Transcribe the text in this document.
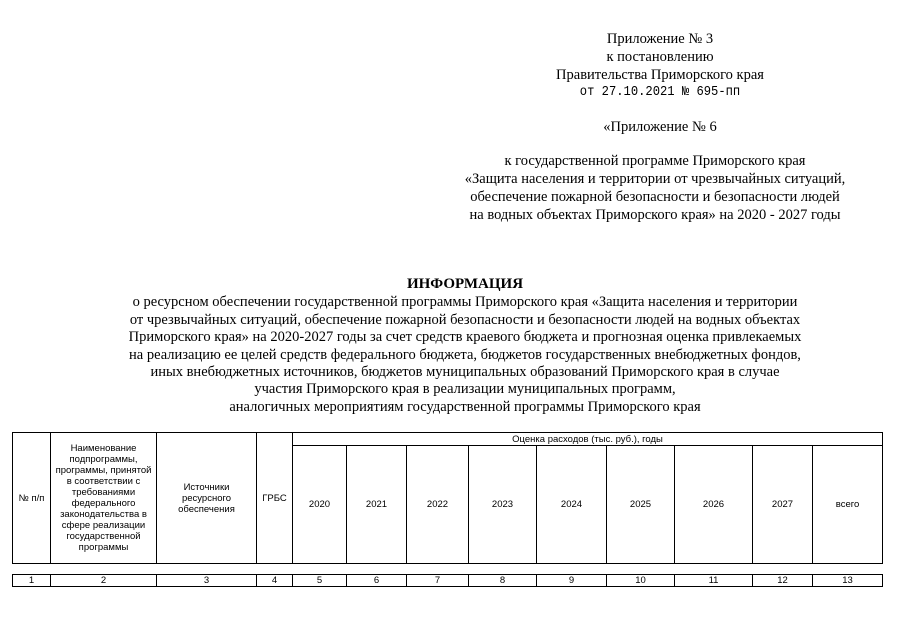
Приложение № 3
к постановлению
Правительства Приморского края
от 27.10.2021 № 695-пп
«Приложение № 6
к государственной программе Приморского края
«Защита населения и территории от чрезвычайных ситуаций,
обеспечение пожарной безопасности и безопасности людей
на водных объектах Приморского края» на 2020 - 2027 годы
ИНФОРМАЦИЯ
о ресурсном обеспечении государственной программы Приморского края «Защита населения и территории
от чрезвычайных ситуаций, обеспечение пожарной безопасности и безопасности людей на водных объектах
Приморского края» на 2020-2027 годы за счет средств краевого бюджета и прогнозная оценка привлекаемых
на реализацию ее целей средств федерального бюджета, бюджетов государственных внебюджетных фондов,
иных внебюджетных источников, бюджетов муниципальных образований Приморского края в случае
участия Приморского края в реализации муниципальных программ,
аналогичных мероприятиям государственной программы Приморского края
№ п/п	Наименование подпрограммы, программы, принятой в соответствии с требованиями федерального законодательства в сфере реализации государственной программы	Источники ресурсного обеспечения	ГРБС	Оценка расходов (тыс. руб.), годы								
				2020	2021	2022	2023	2024	2025	2026	2027	всего

1	2	3	4	5	6	7	8	9	10	11	12	13
